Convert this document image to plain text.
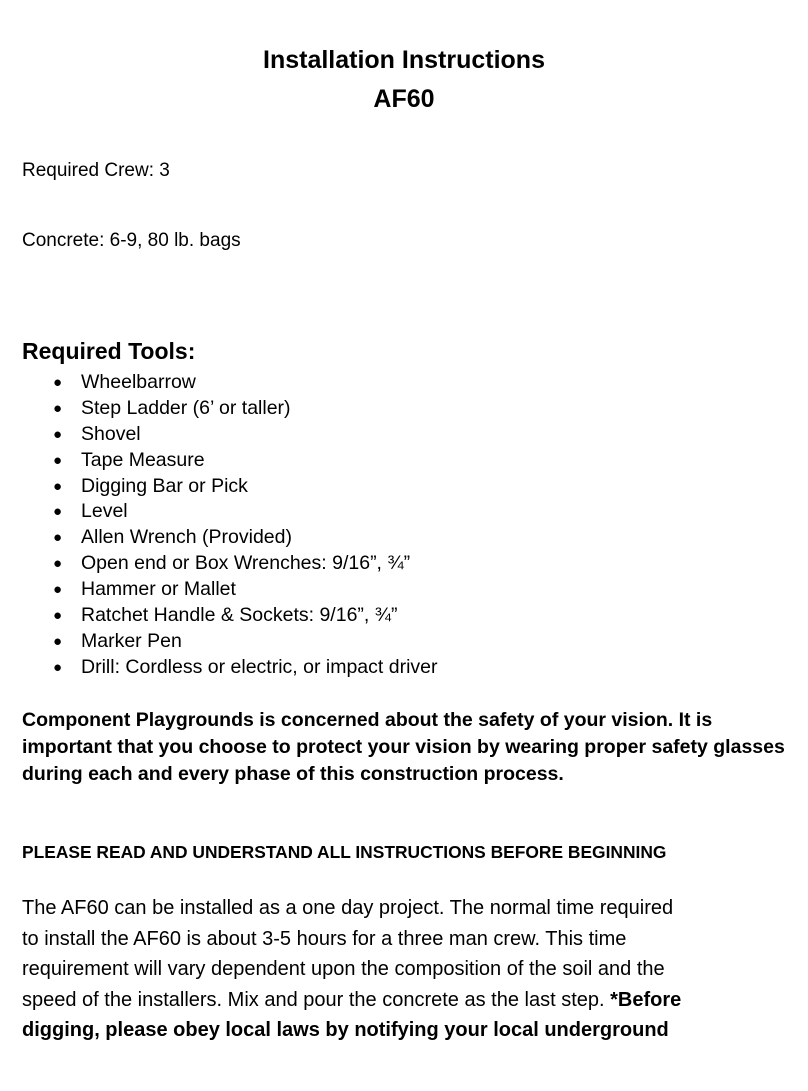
Installation Instructions
AF60
Required Crew: 3
Concrete: 6-9, 80 lb. bags
Required Tools:
● Wheelbarrow
● Step Ladder (6’ or taller)
● Shovel
● Tape Measure
● Digging Bar or Pick
● Level
● Allen Wrench (Provided)
● Open end or Box Wrenches: 9/16”, ¾”
● Hammer or Mallet
● Ratchet Handle & Sockets: 9/16”, ¾”
● Marker Pen
● Drill: Cordless or electric, or impact driver
Component Playgrounds is concerned about the safety of your vision. It is important that you choose to protect your vision by wearing proper safety glasses during each and every phase of this construction process.
PLEASE READ AND UNDERSTAND ALL INSTRUCTIONS BEFORE BEGINNING
The AF60 can be installed as a one day project. The normal time required
to install the AF60 is about 3-5 hours for a three man crew. This time
requirement will vary dependent upon the composition of the soil and the
speed of the installers. Mix and pour the concrete as the last step. *Before
digging, please obey local laws by notifying your local underground
